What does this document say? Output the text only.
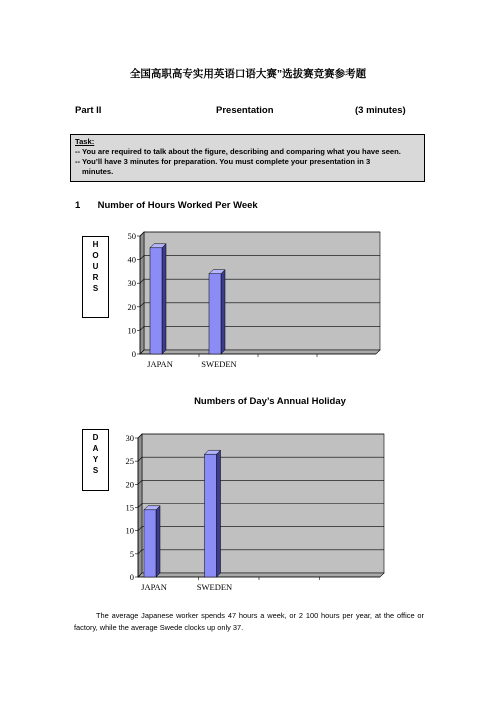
全国高职高专实用英语口语大赛”选拔赛竞赛参考题
Part II	Presentation	(3 minutes)
Task:
-- You are required to talk about the figure, describing and comparing what you have seen.
-- You’ll have 3 minutes for preparation. You must complete your presentation in 3
minutes.
1 Number of Hours Worked Per Week
H
O
U
R
S
0
10
20
30
40
50
JAPAN	SWEDEN
Numbers of Day’s Annual Holiday
D
A
Y
S
0
5
10
15
20
25
30
JAPAN	SWEDEN

The average Japanese worker spends 47 hours a week, or 2 100 hours per year, at the office or factory, while the average Swede clocks up only 37.
